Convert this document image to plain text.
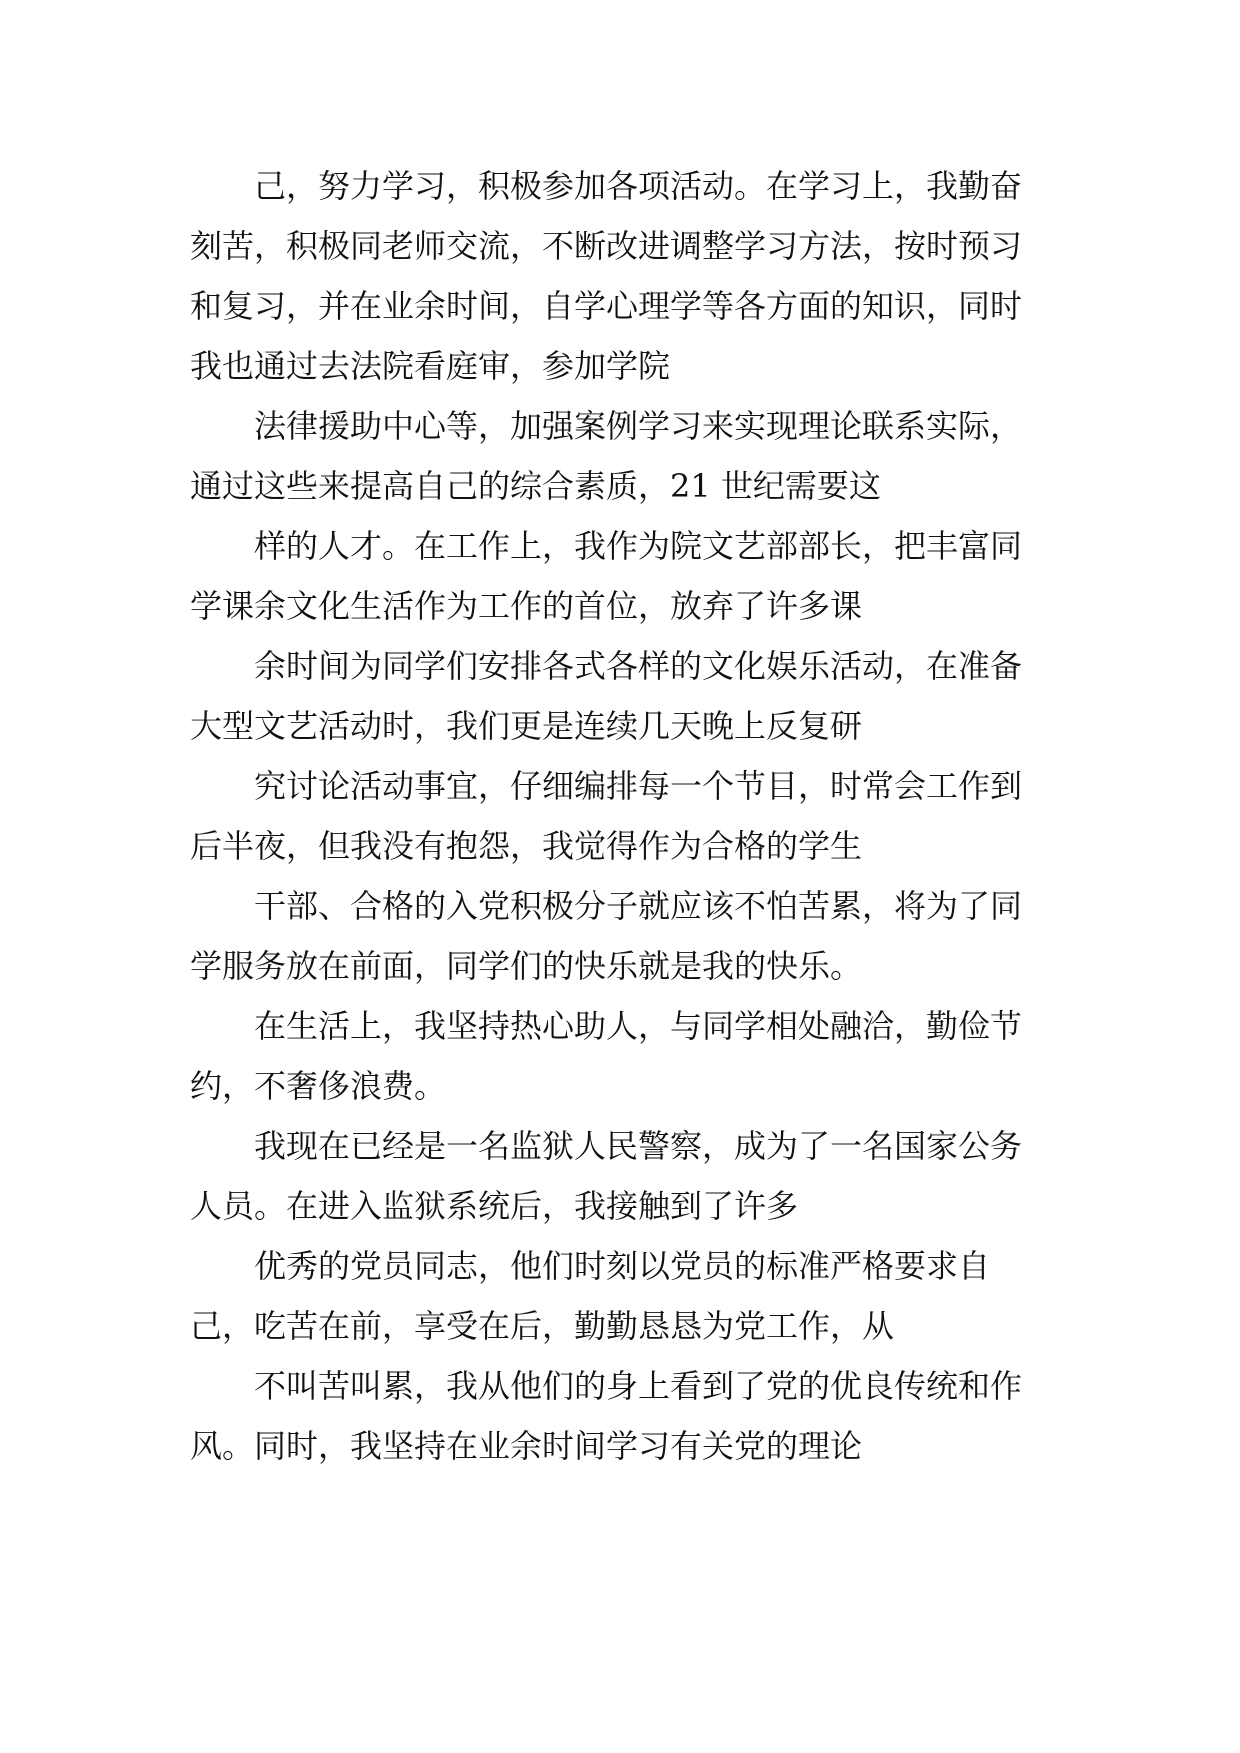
己，努力学习，积极参加各项活动。在学习上，我勤奋
刻苦，积极同老师交流，不断改进调整学习方法，按时预习
和复习，并在业余时间，自学心理学等各方面的知识，同时
我也通过去法院看庭审，参加学院
法律援助中心等，加强案例学习来实现理论联系实际，
通过这些来提高自己的综合素质，21 世纪需要这
样的人才。在工作上，我作为院文艺部部长，把丰富同
学课余文化生活作为工作的首位，放弃了许多课
余时间为同学们安排各式各样的文化娱乐活动，在准备
大型文艺活动时，我们更是连续几天晚上反复研
究讨论活动事宜，仔细编排每一个节目，时常会工作到
后半夜，但我没有抱怨，我觉得作为合格的学生
干部、合格的入党积极分子就应该不怕苦累，将为了同
学服务放在前面，同学们的快乐就是我的快乐。
在生活上，我坚持热心助人，与同学相处融洽，勤俭节
约，不奢侈浪费。
我现在已经是一名监狱人民警察，成为了一名国家公务
人员。在进入监狱系统后，我接触到了许多
优秀的党员同志，他们时刻以党员的标准严格要求自
己，吃苦在前，享受在后，勤勤恳恳为党工作，从
不叫苦叫累，我从他们的身上看到了党的优良传统和作
风。同时，我坚持在业余时间学习有关党的理论
